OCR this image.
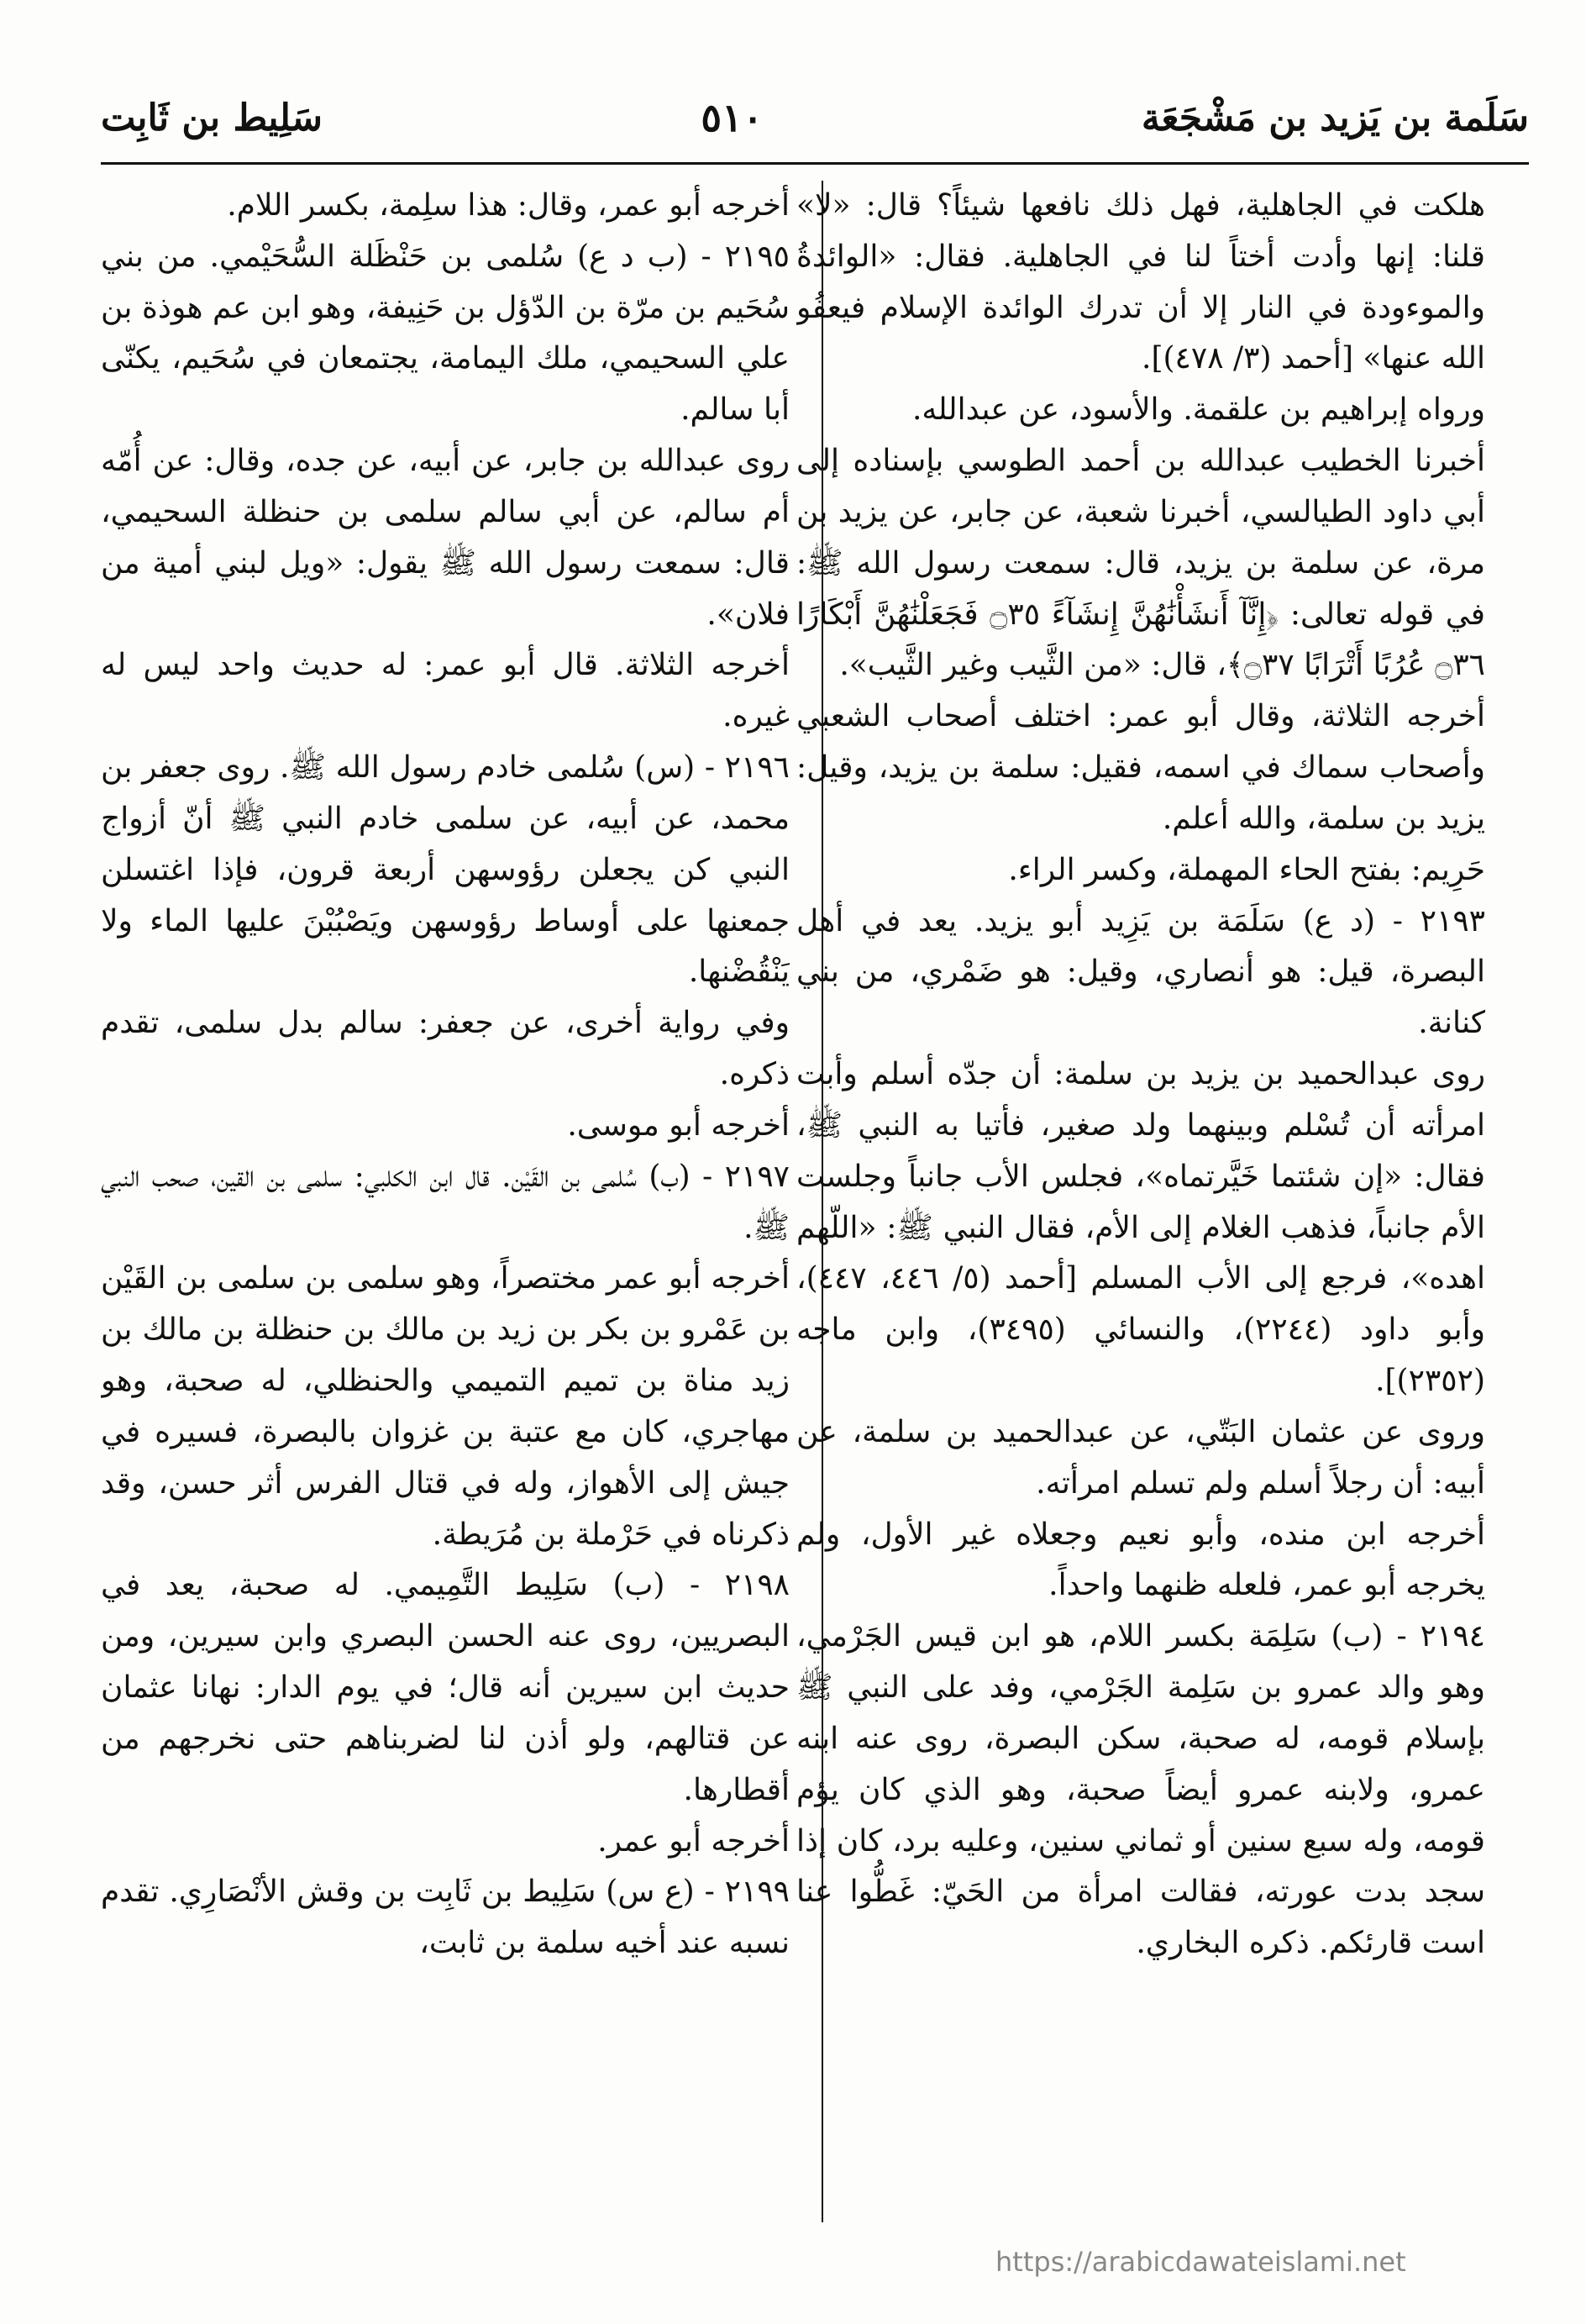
سَلَمة بن يَزيد بن مَشْجَعَة
٥١٠
سَلِيط بن ثَابِت

هلكت في الجاهلية، فهل ذلك نافعها شيئاً؟ قال: «لا» قلنا: إنها وأدت أختاً لنا في الجاهلية. فقال: «الوائدةُ والموءودة في النار إلا أن تدرك الوائدة الإسلام فيعفُو الله عنها» [أحمد (٣/ ٤٧٨)].

ورواه إبراهيم بن علقمة. والأسود، عن عبدالله.

أخبرنا الخطيب عبدالله بن أحمد الطوسي بإسناده إلى أبي داود الطيالسي، أخبرنا شعبة، عن جابر، عن يزيد بن مرة، عن سلمة بن يزيد، قال: سمعت رسول الله ﷺ: في قوله تعالى: ﴿إِنَّآ أَنشَأْنَٰهُنَّ إِنشَآءً ۝٣٥ فَجَعَلْنَٰهُنَّ أَبْكَارًا ۝٣٦ عُرُبًا أَتْرَابًا ۝٣٧﴾، قال: «من الثَّيب وغير الثَّيب».

أخرجه الثلاثة، وقال أبو عمر: اختلف أصحاب الشعبي وأصحاب سماك في اسمه، فقيل: سلمة بن يزيد، وقيل: يزيد بن سلمة، والله أعلم.

حَرِيم: بفتح الحاء المهملة، وكسر الراء.

٢١٩٣ - (د ع) سَلَمَة بن يَزِيد أبو يزيد. يعد في أهل البصرة، قيل: هو أنصاري، وقيل: هو ضَمْري، من بني كنانة.

روى عبدالحميد بن يزيد بن سلمة: أن جدّه أسلم وأبت امرأته أن تُسْلم وبينهما ولد صغير، فأتيا به النبي ﷺ، فقال: «إن شئتما خَيَّرتماه»، فجلس الأب جانباً وجلست الأم جانباً، فذهب الغلام إلى الأم، فقال النبي ﷺ: «اللّهم اهده»، فرجع إلى الأب المسلم [أحمد (٥/ ٤٤٦، ٤٤٧)، وأبو داود (٢٢٤٤)، والنسائي (٣٤٩٥)، وابن ماجه (٢٣٥٢)].

وروى عن عثمان البَتّي، عن عبدالحميد بن سلمة، عن أبيه: أن رجلاً أسلم ولم تسلم امرأته.

أخرجه ابن منده، وأبو نعيم وجعلاه غير الأول، ولم يخرجه أبو عمر، فلعله ظنهما واحداً.

٢١٩٤ - (ب) سَلِمَة بكسر اللام، هو ابن قيس الجَرْمي، وهو والد عمرو بن سَلِمة الجَرْمي، وفد على النبي ﷺ بإسلام قومه، له صحبة، سكن البصرة، روى عنه ابنه عمرو، ولابنه عمرو أيضاً صحبة، وهو الذي كان يؤم قومه، وله سبع سنين أو ثماني سنين، وعليه برد، كان إذا سجد بدت عورته، فقالت امرأة من الحَيّ: غَطُّوا عنا است قارئكم. ذكره البخاري.

أخرجه أبو عمر، وقال: هذا سلِمة، بكسر اللام.

٢١٩٥ - (ب د ع) سُلمى بن حَنْظَلة السُّحَيْمي. من بني سُحَيم بن مرّة بن الدّؤل بن حَنِيفة، وهو ابن عم هوذة بن علي السحيمي، ملك اليمامة، يجتمعان في سُحَيم، يكنّى أبا سالم.

روى عبدالله بن جابر، عن أبيه، عن جده، وقال: عن أُمّه أم سالم، عن أبي سالم سلمى بن حنظلة السحيمي، قال: سمعت رسول الله ﷺ يقول: «ويل لبني أمية من فلان».

أخرجه الثلاثة. قال أبو عمر: له حديث واحد ليس له غيره.

٢١٩٦ - (س) سُلمى خادم رسول الله ﷺ. روى جعفر بن محمد، عن أبيه، عن سلمى خادم النبي ﷺ أنّ أزواج النبي كن يجعلن رؤوسهن أربعة قرون، فإذا اغتسلن جمعنها على أوساط رؤوسهن ويَصْبُبْنَ عليها الماء ولا يَنْقُضْنها.

وفي رواية أخرى، عن جعفر: سالم بدل سلمى، تقدم ذكره.

أخرجه أبو موسى.

٢١٩٧ - (ب) سُلمى بن القَيْن. قال ابن الكلبي: سلمى بن القين، صحب النبي ﷺ.

أخرجه أبو عمر مختصراً، وهو سلمى بن سلمى بن القَيْن بن عَمْرو بن بكر بن زيد بن مالك بن حنظلة بن مالك بن زيد مناة بن تميم التميمي والحنظلي، له صحبة، وهو مهاجري، كان مع عتبة بن غزوان بالبصرة، فسيره في جيش إلى الأهواز، وله في قتال الفرس أثر حسن، وقد ذكرناه في حَرْملة بن مُرَيطة.

٢١٩٨ - (ب) سَلِيط التَّمِيمي. له صحبة، يعد في البصريين، روى عنه الحسن البصري وابن سيرين، ومن حديث ابن سيرين أنه قال؛ في يوم الدار: نهانا عثمان عن قتالهم، ولو أذن لنا لضربناهم حتى نخرجهم من أقطارها.

أخرجه أبو عمر.

٢١٩٩ - (ع س) سَلِيط بن ثَابِت بن وقش الأنْصَارِي. تقدم نسبه عند أخيه سلمة بن ثابت،

https://arabicdawateislami.net
